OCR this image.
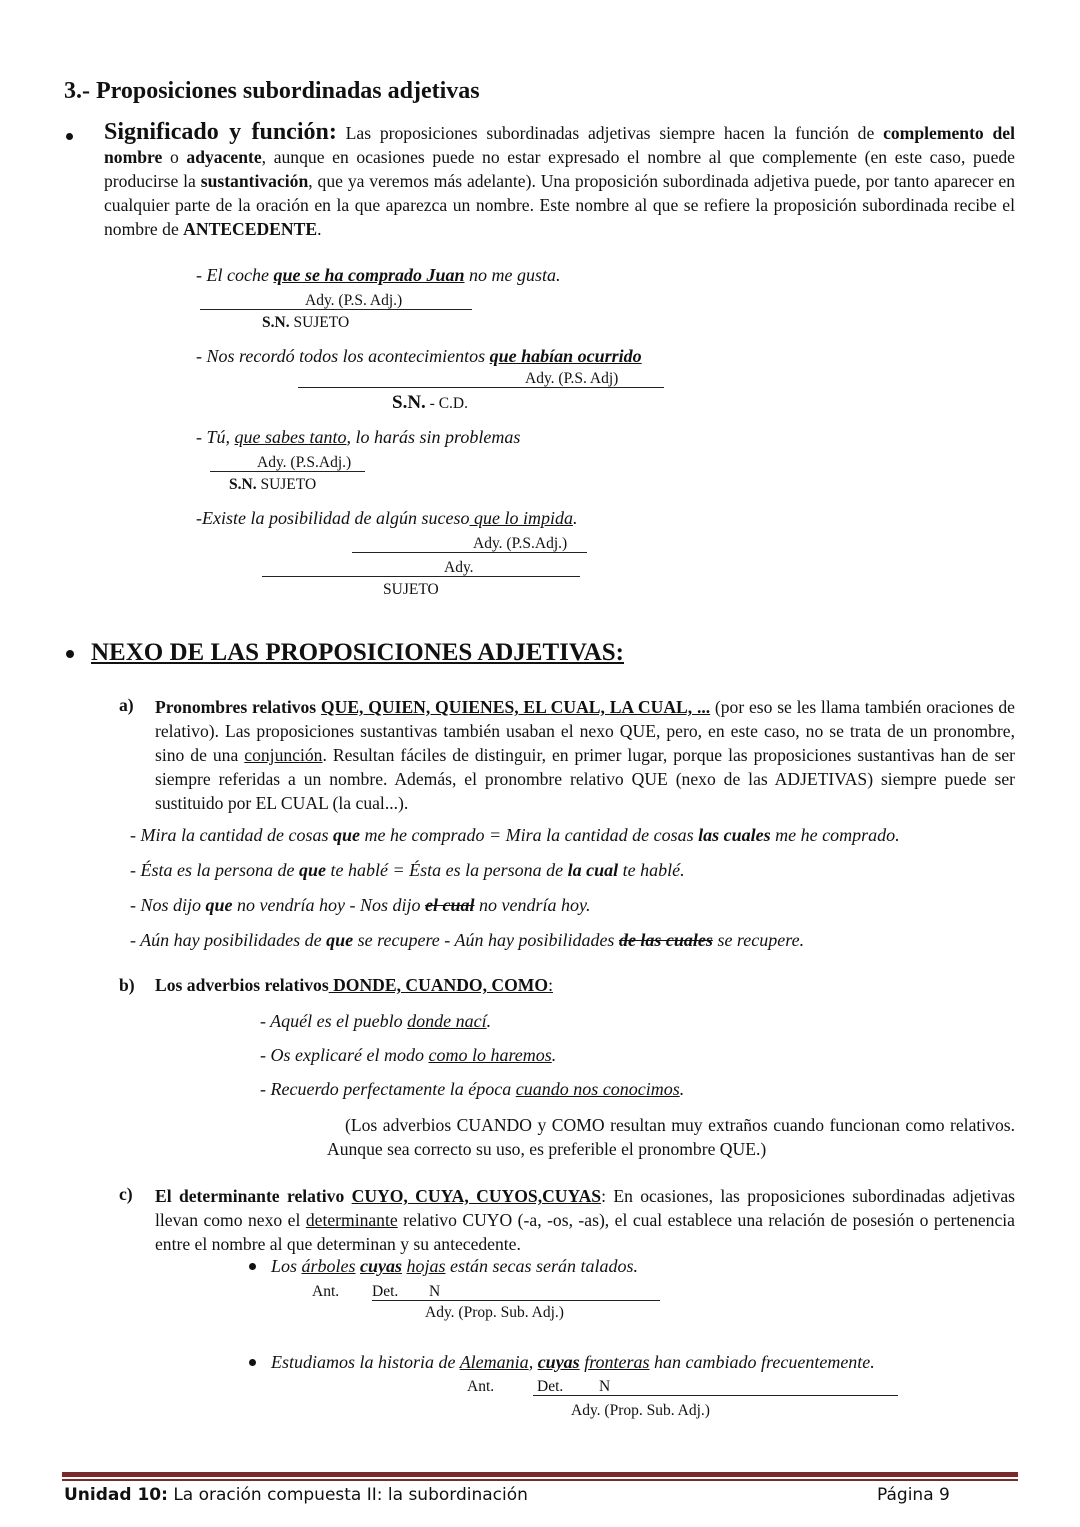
3.- Proposiciones subordinadas adjetivas
Significado y función: Las proposiciones subordinadas adjetivas siempre hacen la función de complemento del nombre o adyacente, aunque en ocasiones puede no estar expresado el nombre al que complemente (en este caso, puede producirse la sustantivación, que ya veremos más adelante). Una proposición subordinada adjetiva puede, por tanto aparecer en cualquier parte de la oración en la que aparezca un nombre. Este nombre al que se refiere la proposición subordinada recibe el nombre de ANTECEDENTE.
- El coche que se ha comprado Juan no me gusta.
Ady. (P.S. Adj.)
S.N. SUJETO
- Nos recordó todos los acontecimientos que habían ocurrido
Ady. (P.S. Adj)
S.N. - C.D.
- Tú, que sabes tanto, lo harás sin problemas
Ady. (P.S.Adj.)
S.N. SUJETO
-Existe la posibilidad de algún suceso que lo impida.
Ady. (P.S.Adj.)
Ady.
SUJETO
NEXO DE LAS PROPOSICIONES ADJETIVAS:
a) Pronombres relativos QUE, QUIEN, QUIENES, EL CUAL, LA CUAL, ... (por eso se les llama también oraciones de relativo). Las proposiciones sustantivas también usaban el nexo QUE, pero, en este caso, no se trata de un pronombre, sino de una conjunción. Resultan fáciles de distinguir, en primer lugar, porque las proposiciones sustantivas han de ser siempre referidas a un nombre. Además, el pronombre relativo QUE (nexo de las ADJETIVAS) siempre puede ser sustituido por EL CUAL (la cual...).
- Mira la cantidad de cosas que me he comprado = Mira la cantidad de cosas las cuales me he comprado.
- Ésta es la persona de que te hablé = Ésta es la persona de la cual te hablé.
- Nos dijo que no vendría hoy - Nos dijo el cual no vendría hoy.
- Aún hay posibilidades de que se recupere - Aún hay posibilidades de las cuales se recupere.
b) Los adverbios relativos DONDE, CUANDO, COMO:
- Aquél es el pueblo donde nací.
- Os explicaré el modo como lo haremos.
- Recuerdo perfectamente la época cuando nos conocimos.
(Los adverbios CUANDO y COMO resultan muy extraños cuando funcionan como relativos. Aunque sea correcto su uso, es preferible el pronombre QUE.)
c) El determinante relativo CUYO, CUYA, CUYOS,CUYAS: En ocasiones, las proposiciones subordinadas adjetivas llevan como nexo el determinante relativo CUYO (-a, -os, -as), el cual establece una relación de posesión o pertenencia entre el nombre al que determinan y su antecedente.
Los árboles cuyas hojas están secas serán talados.
Ant. Det. N
Ady. (Prop. Sub. Adj.)
Estudiamos la historia de Alemania, cuyas fronteras han cambiado frecuentemente.
Ant.	Det. N
Ady. (Prop. Sub. Adj.)
Unidad 10: La oración compuesta II: la subordinación	Página 9
